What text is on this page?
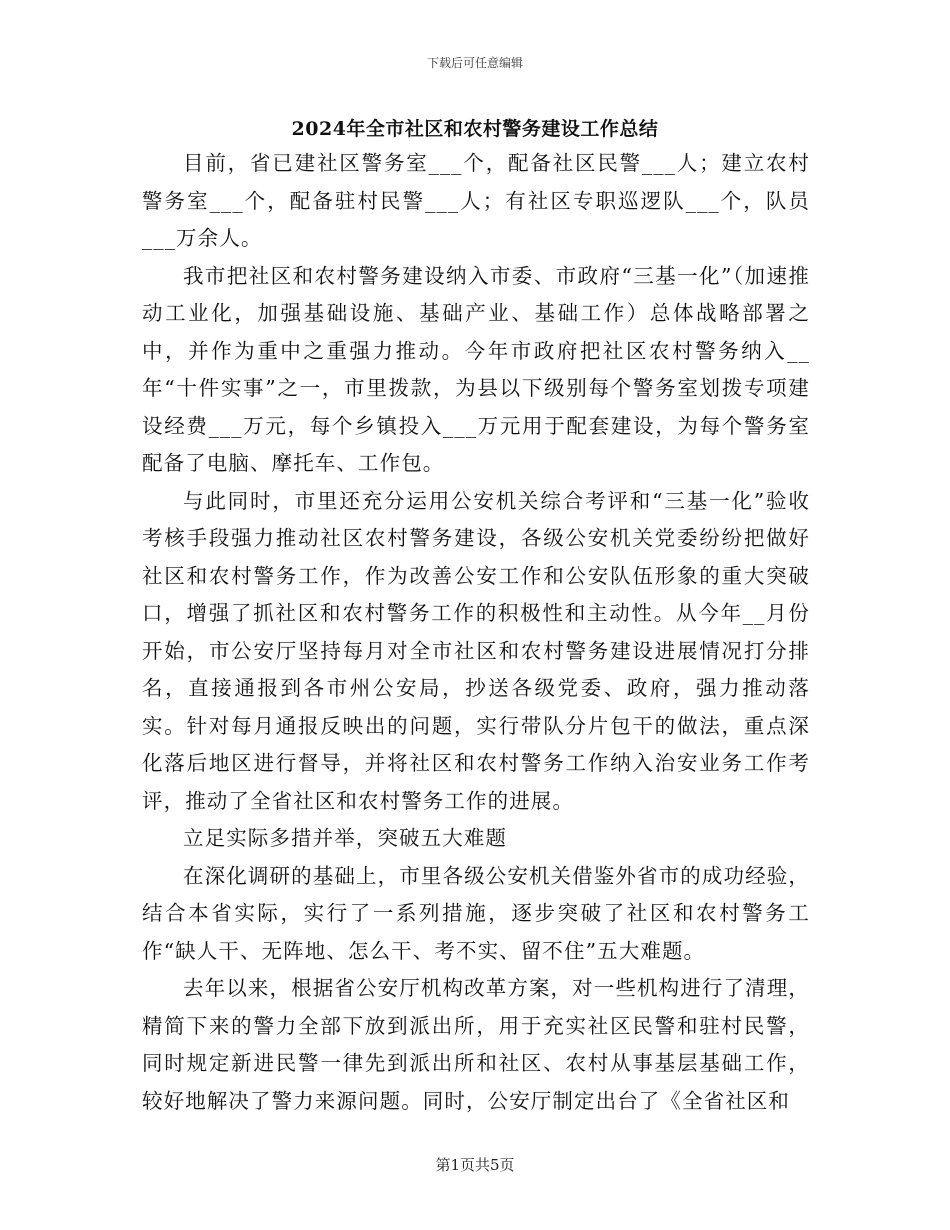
下载后可任意编辑
2024年全市社区和农村警务建设工作总结

目前，省已建社区警务室___个，配备社区民警___人；建立农村警务室___个，配备驻村民警___人；有社区专职巡逻队___个，队员___万余人。

我市把社区和农村警务建设纳入市委、市政府“三基一化”（加速推动工业化，加强基础设施、基础产业、基础工作）总体战略部署之中，并作为重中之重强力推动。今年市政府把社区农村警务纳入__年“十件实事”之一，市里拨款，为县以下级别每个警务室划拨专项建设经费___万元，每个乡镇投入___万元用于配套建设，为每个警务室配备了电脑、摩托车、工作包。

与此同时，市里还充分运用公安机关综合考评和“三基一化”验收考核手段强力推动社区农村警务建设，各级公安机关党委纷纷把做好社区和农村警务工作，作为改善公安工作和公安队伍形象的重大突破口，增强了抓社区和农村警务工作的积极性和主动性。从今年__月份开始，市公安厅坚持每月对全市社区和农村警务建设进展情况打分排名，直接通报到各市州公安局，抄送各级党委、政府，强力推动落实。针对每月通报反映出的问题，实行带队分片包干的做法，重点深化落后地区进行督导，并将社区和农村警务工作纳入治安业务工作考评，推动了全省社区和农村警务工作的进展。

立足实际多措并举，突破五大难题

在深化调研的基础上，市里各级公安机关借鉴外省市的成功经验，结合本省实际，实行了一系列措施，逐步突破了社区和农村警务工作“缺人干、无阵地、怎么干、考不实、留不住”五大难题。

去年以来，根据省公安厅机构改革方案，对一些机构进行了清理，精简下来的警力全部下放到派出所，用于充实社区民警和驻村民警，同时规定新进民警一律先到派出所和社区、农村从事基层基础工作，较好地解决了警力来源问题。同时，公安厅制定出台了《全省社区和

第1页共5页
